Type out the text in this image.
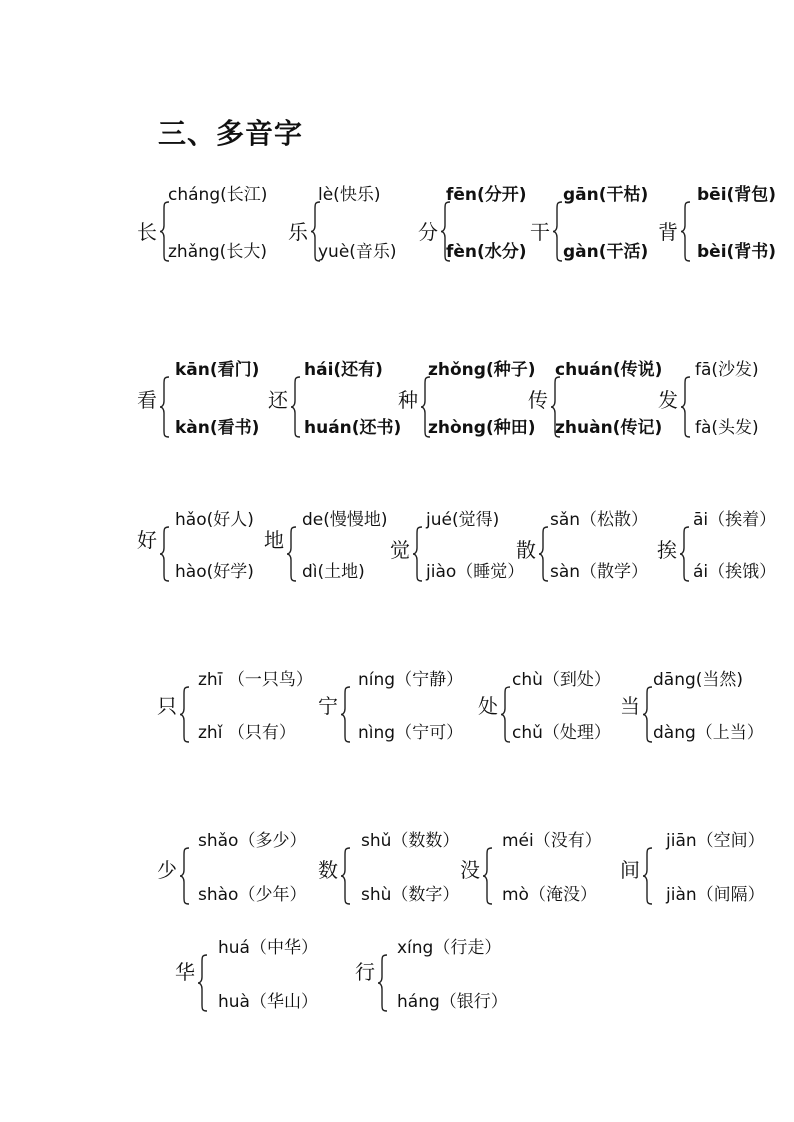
三、多音字
长
cháng(长江)
zhǎng(长大)
乐
lè(快乐)
yuè(音乐)
分
fēn(分开)
fèn(水分)
干
gān(干枯)
gàn(干活)
背
bēi(背包)
bèi(背书)
看
kān(看门)
kàn(看书)
还
hái(还有)
huán(还书)
种
zhǒng(种子)
zhòng(种田)
传
chuán(传说)
zhuàn(传记)
发
fā(沙发)
fà(头发)
好
hǎo(好人)
hào(好学)
地
de(慢慢地)
dì(土地)
觉
jué(觉得)
jiào（睡觉）
散
sǎn（松散）
sàn（散学）
挨
āi（挨着）
ái（挨饿）
只
zhī （一只鸟）
zhǐ （只有）
宁
níng（宁静）
nìng（宁可）
处
chù（到处）
chǔ（处理）
当
dāng(当然)
dàng（上当）
少
shǎo（多少）
shào（少年）
数
shǔ（数数）
shù（数字）
没
méi（没有）
mò（淹没）
间
jiān（空间）
jiàn（间隔）
华
huá（中华）
huà（华山）
行
xíng（行走）
háng（银行）
